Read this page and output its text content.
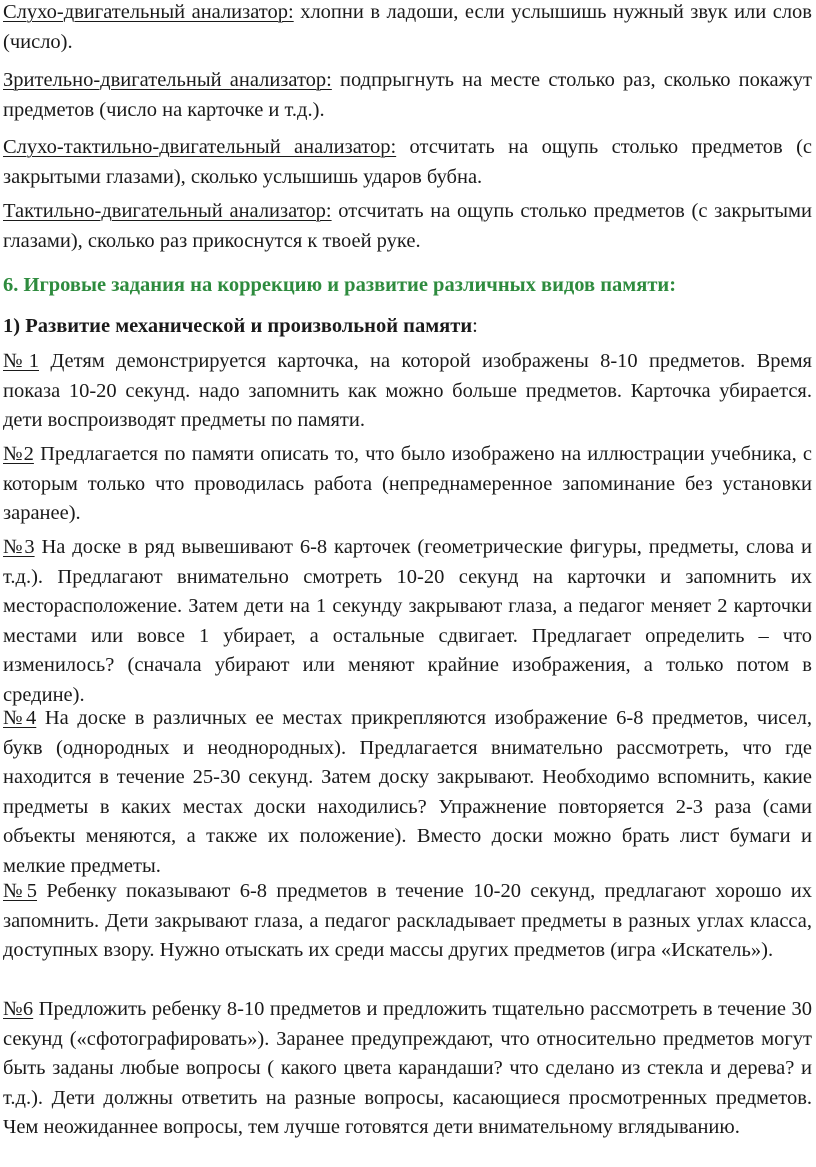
Слухо-двигательный анализатор: хлопни в ладоши, если услышишь нужный звук или слов (число).

Зрительно-двигательный анализатор: подпрыгнуть на месте столько раз, сколько покажут предметов (число на карточке и т.д.).

Слухо-тактильно-двигательный анализатор: отсчитать на ощупь столько предметов (с закрытыми глазами), сколько услышишь ударов бубна.

Тактильно-двигательный анализатор: отсчитать на ощупь столько предметов (с закрытыми глазами), сколько раз прикоснутся к твоей руке.

6. Игровые задания на коррекцию и развитие различных видов памяти:

1) Развитие механической и произвольной памяти:

№1 Детям демонстрируется карточка, на которой изображены 8-10 предметов. Время показа 10-20 секунд. надо запомнить как можно больше предметов. Карточка убирается. дети воспроизводят предметы по памяти.

№2 Предлагается по памяти описать то, что было изображено на иллюстрации учебника, с которым только что проводилась работа (непреднамеренное запоминание без установки заранее).

№3 На доске в ряд вывешивают 6-8 карточек (геометрические фигуры, предметы, слова и т.д.). Предлагают внимательно смотреть 10-20 секунд на карточки и запомнить их месторасположение. Затем дети на 1 секунду закрывают глаза, а педагог меняет 2 карточки местами или вовсе 1 убирает, а остальные сдвигает. Предлагает определить – что изменилось? (сначала убирают или меняют крайние изображения, а только потом в средине).

№4 На доске в различных ее местах прикрепляются изображение 6-8 предметов, чисел, букв (однородных и неоднородных). Предлагается внимательно рассмотреть, что где находится в течение 25-30 секунд. Затем доску закрывают. Необходимо вспомнить, какие предметы в каких местах доски находились? Упражнение повторяется 2-3 раза (сами объекты меняются, а также их положение). Вместо доски можно брать лист бумаги и мелкие предметы.

№5 Ребенку показывают 6-8 предметов в течение 10-20 секунд, предлагают хорошо их запомнить. Дети закрывают глаза, а педагог раскладывает предметы в разных углах класса, доступных взору. Нужно отыскать их среди массы других предметов (игра «Искатель»).

№6 Предложить ребенку 8-10 предметов и предложить тщательно рассмотреть в течение 30 секунд («сфотографировать»). Заранее предупреждают, что относительно предметов могут быть заданы любые вопросы ( какого цвета карандаши? что сделано из стекла и дерева? и т.д.). Дети должны ответить на разные вопросы, касающиеся просмотренных предметов. Чем неожиданнее вопросы, тем лучше готовятся дети внимательному вглядыванию.
